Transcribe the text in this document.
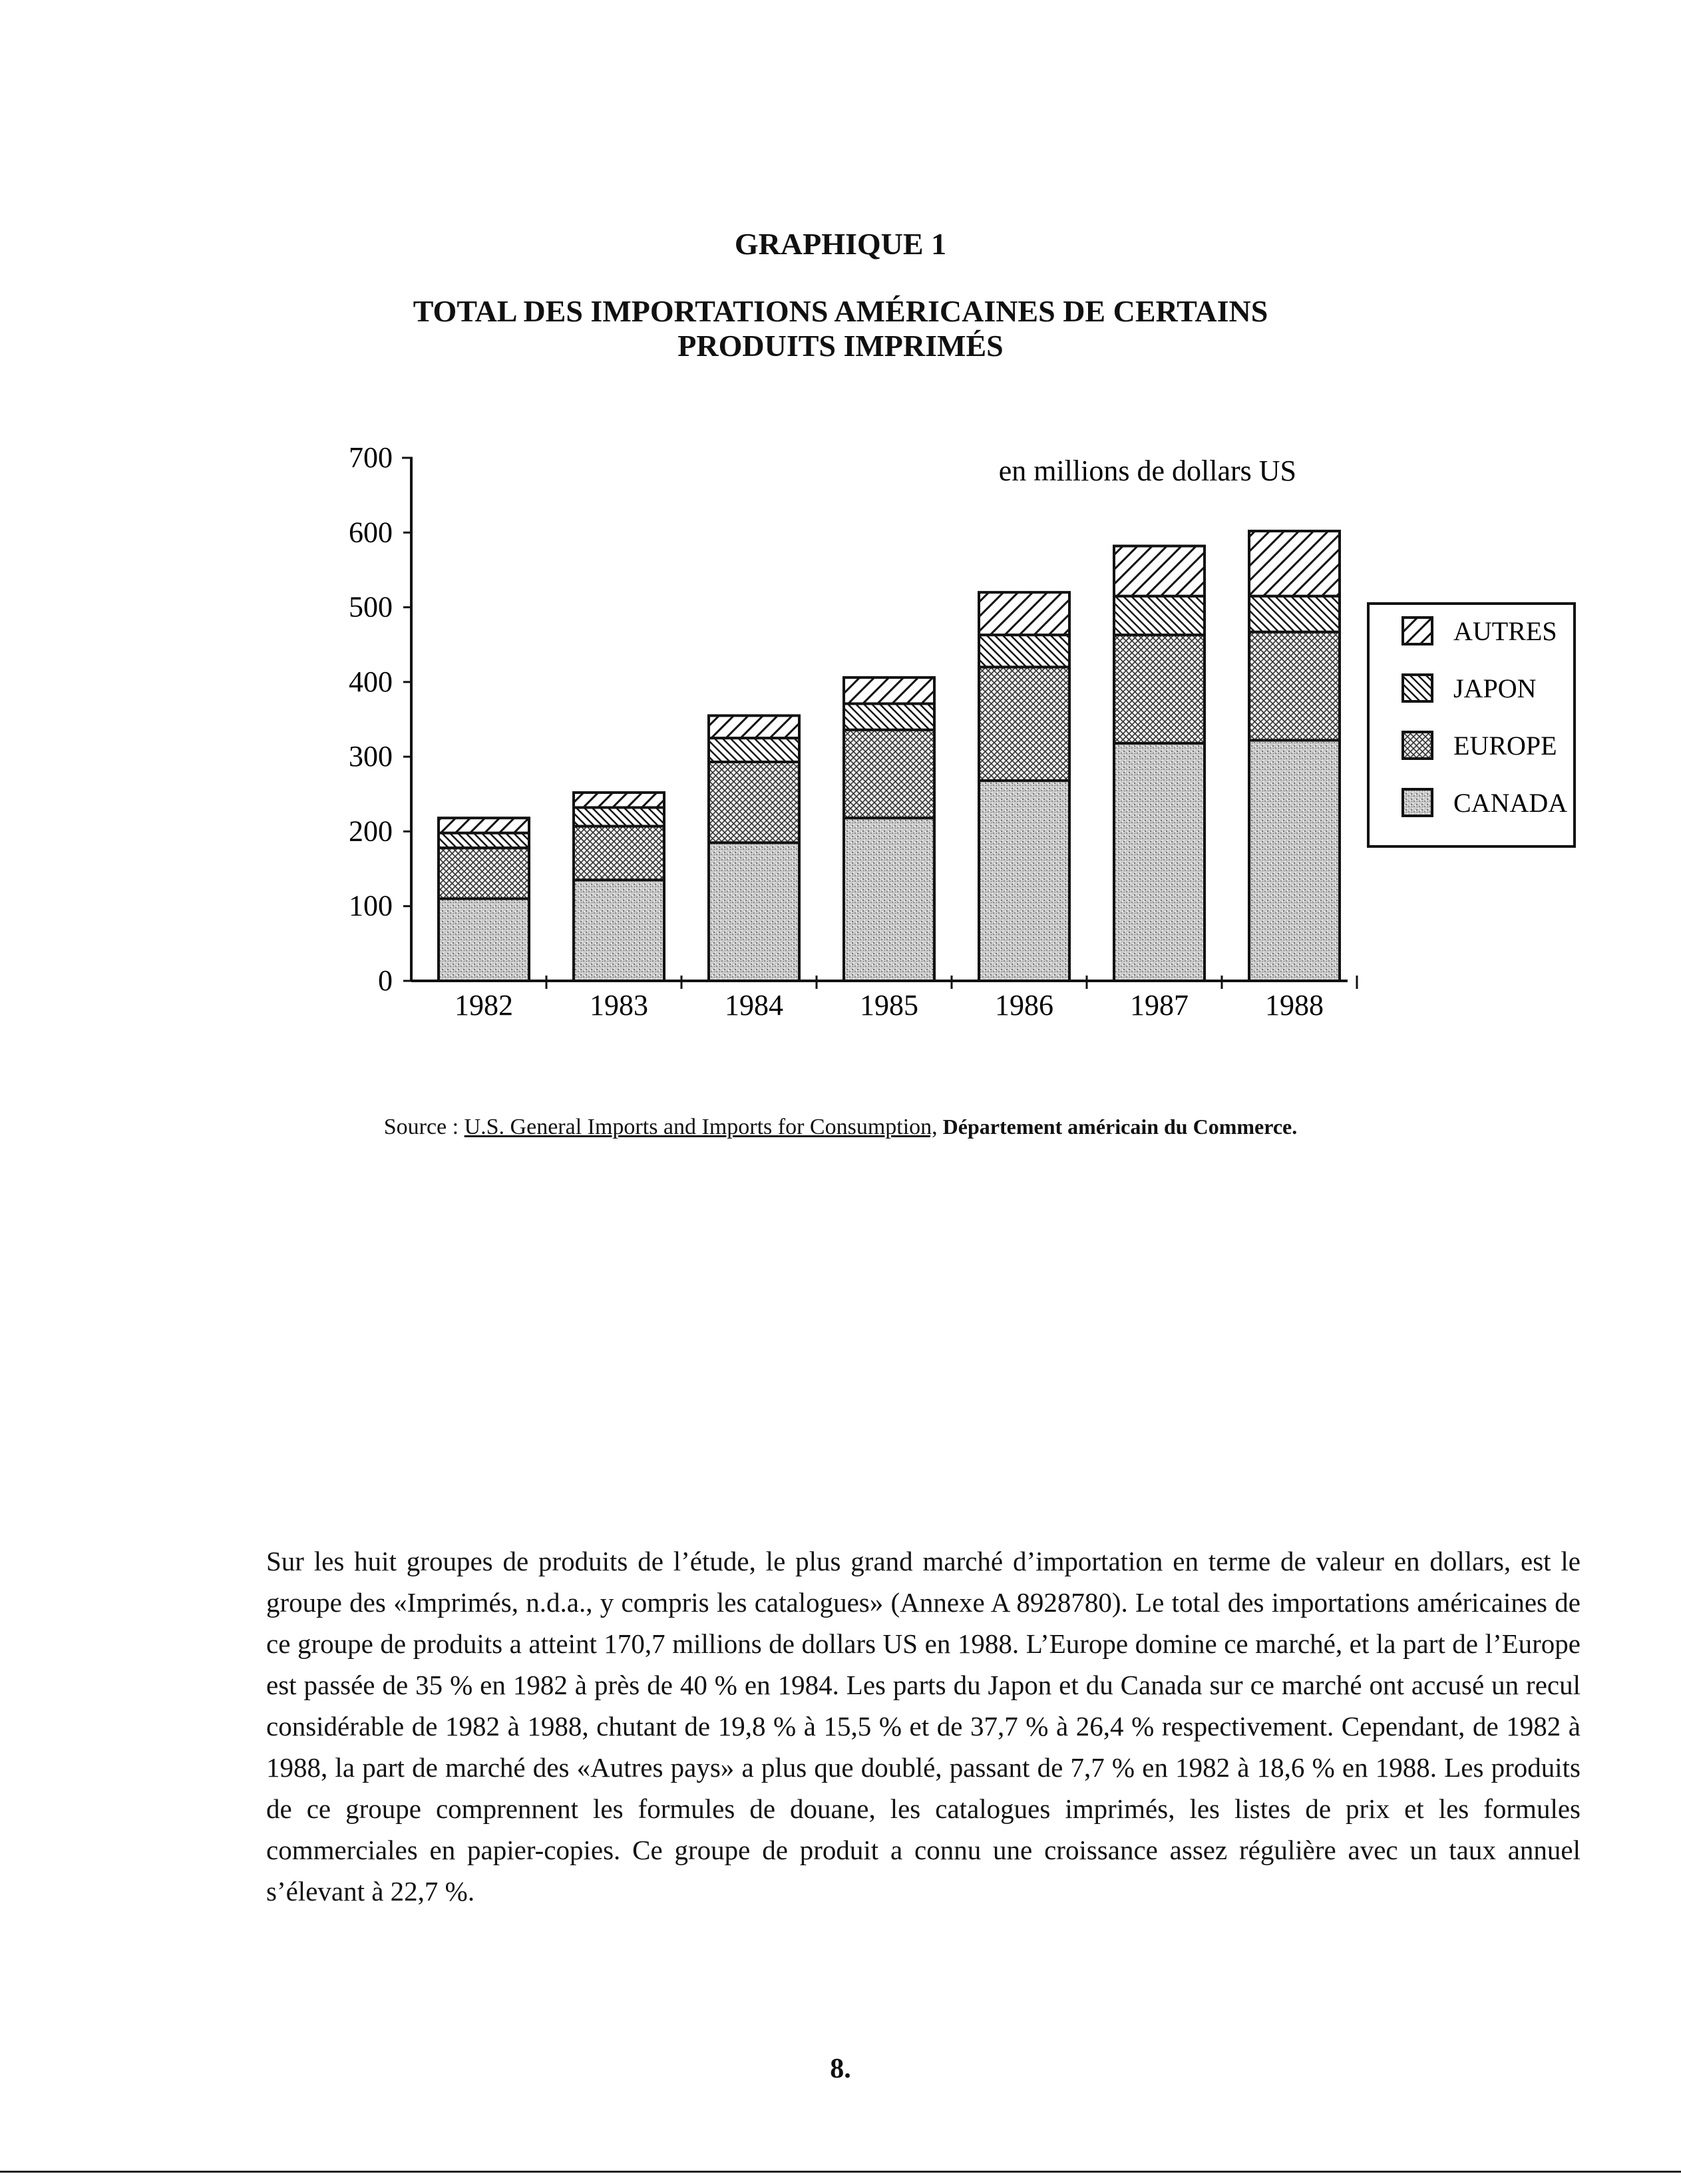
GRAPHIQUE 1
TOTAL DES IMPORTATIONS AMÉRICAINES DE CERTAINS
PRODUITS IMPRIMÉS
0
100
200
300
400
500
600
700
1982	1983	1984	1985	1986	1987	1988
en millions de dollars US
AUTRES
JAPON
EUROPE
CANADA
Source : U.S. General Imports and Imports for Consumption, Département américain du Commerce.
Sur les huit groupes de produits de l’étude, le plus grand marché d’importation en terme de valeur en dollars, est le groupe des «Imprimés, n.d.a., y compris les catalogues» (Annexe A 8928780). Le total des importations américaines de ce groupe de produits a atteint 170,7 millions de dollars US en 1988. L’Europe domine ce marché, et la part de l’Europe est passée de 35 % en 1982 à près de 40 % en 1984. Les parts du Japon et du Canada sur ce marché ont accusé un recul considérable de 1982 à 1988, chutant de 19,8 % à 15,5 % et de 37,7 % à 26,4 % respectivement. Cependant, de 1982 à 1988, la part de marché des «Autres pays» a plus que doublé, passant de 7,7 % en 1982 à 18,6 % en 1988. Les produits de ce groupe comprennent les formules de douane, les catalogues imprimés, les listes de prix et les formules commerciales en papier-copies. Ce groupe de produit a connu une croissance assez régulière avec un taux annuel s’élevant à 22,7 %.
8.
